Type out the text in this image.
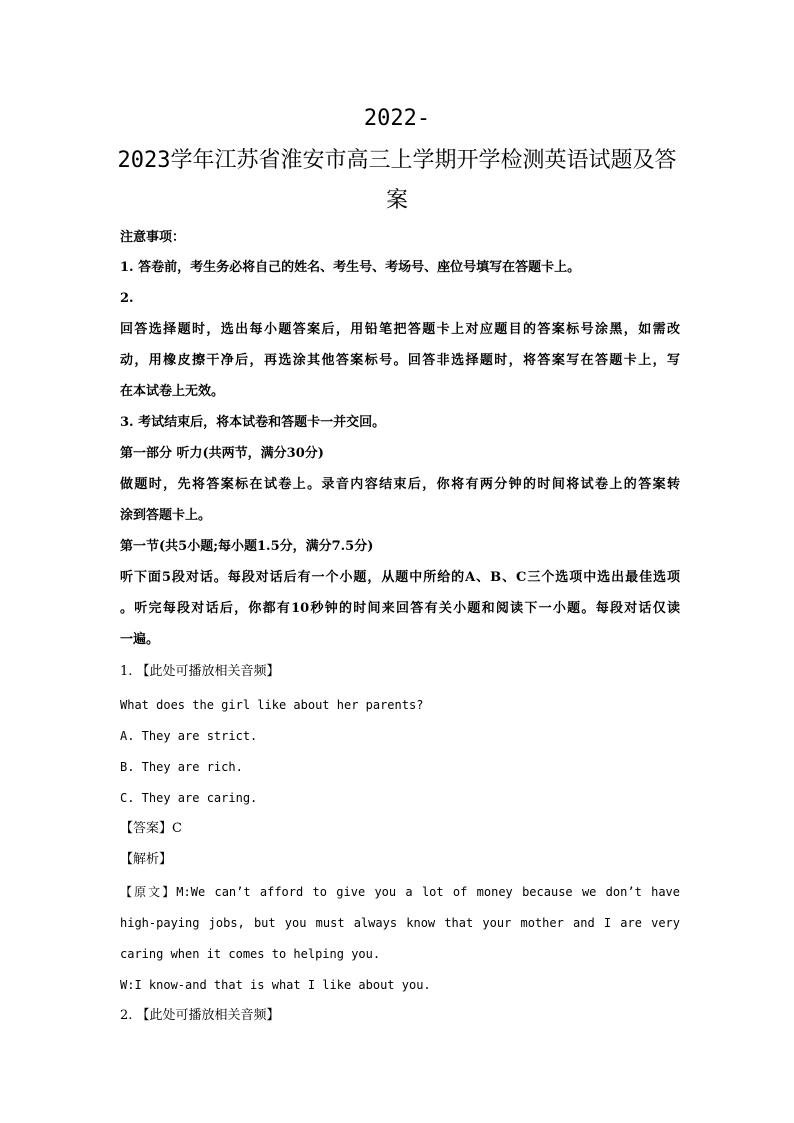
2022-
2023学年江苏省淮安市高三上学期开学检测英语试题及答
案
注意事项：
1. 答卷前，考生务必将自己的姓名、考生号、考场号、座位号填写在答题卡上。
2.
回答选择题时，选出每小题答案后，用铅笔把答题卡上对应题目的答案标号涂黑，如需改
动，用橡皮擦干净后，再选涂其他答案标号。回答非选择题时，将答案写在答题卡上，写
在本试卷上无效。
3. 考试结束后，将本试卷和答题卡一并交回。
第一部分 听力(共两节，满分30分)
做题时，先将答案标在试卷上。录音内容结束后，你将有两分钟的时间将试卷上的答案转
涂到答题卡上。
第一节(共5小题;每小题1.5分，满分7.5分)
听下面5段对话。每段对话后有一个小题，从题中所给的A、B、C三个选项中选出最佳选项
。听完每段对话后，你都有10秒钟的时间来回答有关小题和阅读下一小题。每段对话仅读
一遍。
1. 【此处可播放相关音频】
What does the girl like about her parents?
A. They are strict.
B. They are rich.
C. They are caring.
【答案】C
【解析】
【原文】M:We can’t afford to give you a lot of money because we don’t have
high-paying jobs, but you must always know that your mother and I are very
caring when it comes to helping you.
W:I know-and that is what I like about you.
2. 【此处可播放相关音频】
